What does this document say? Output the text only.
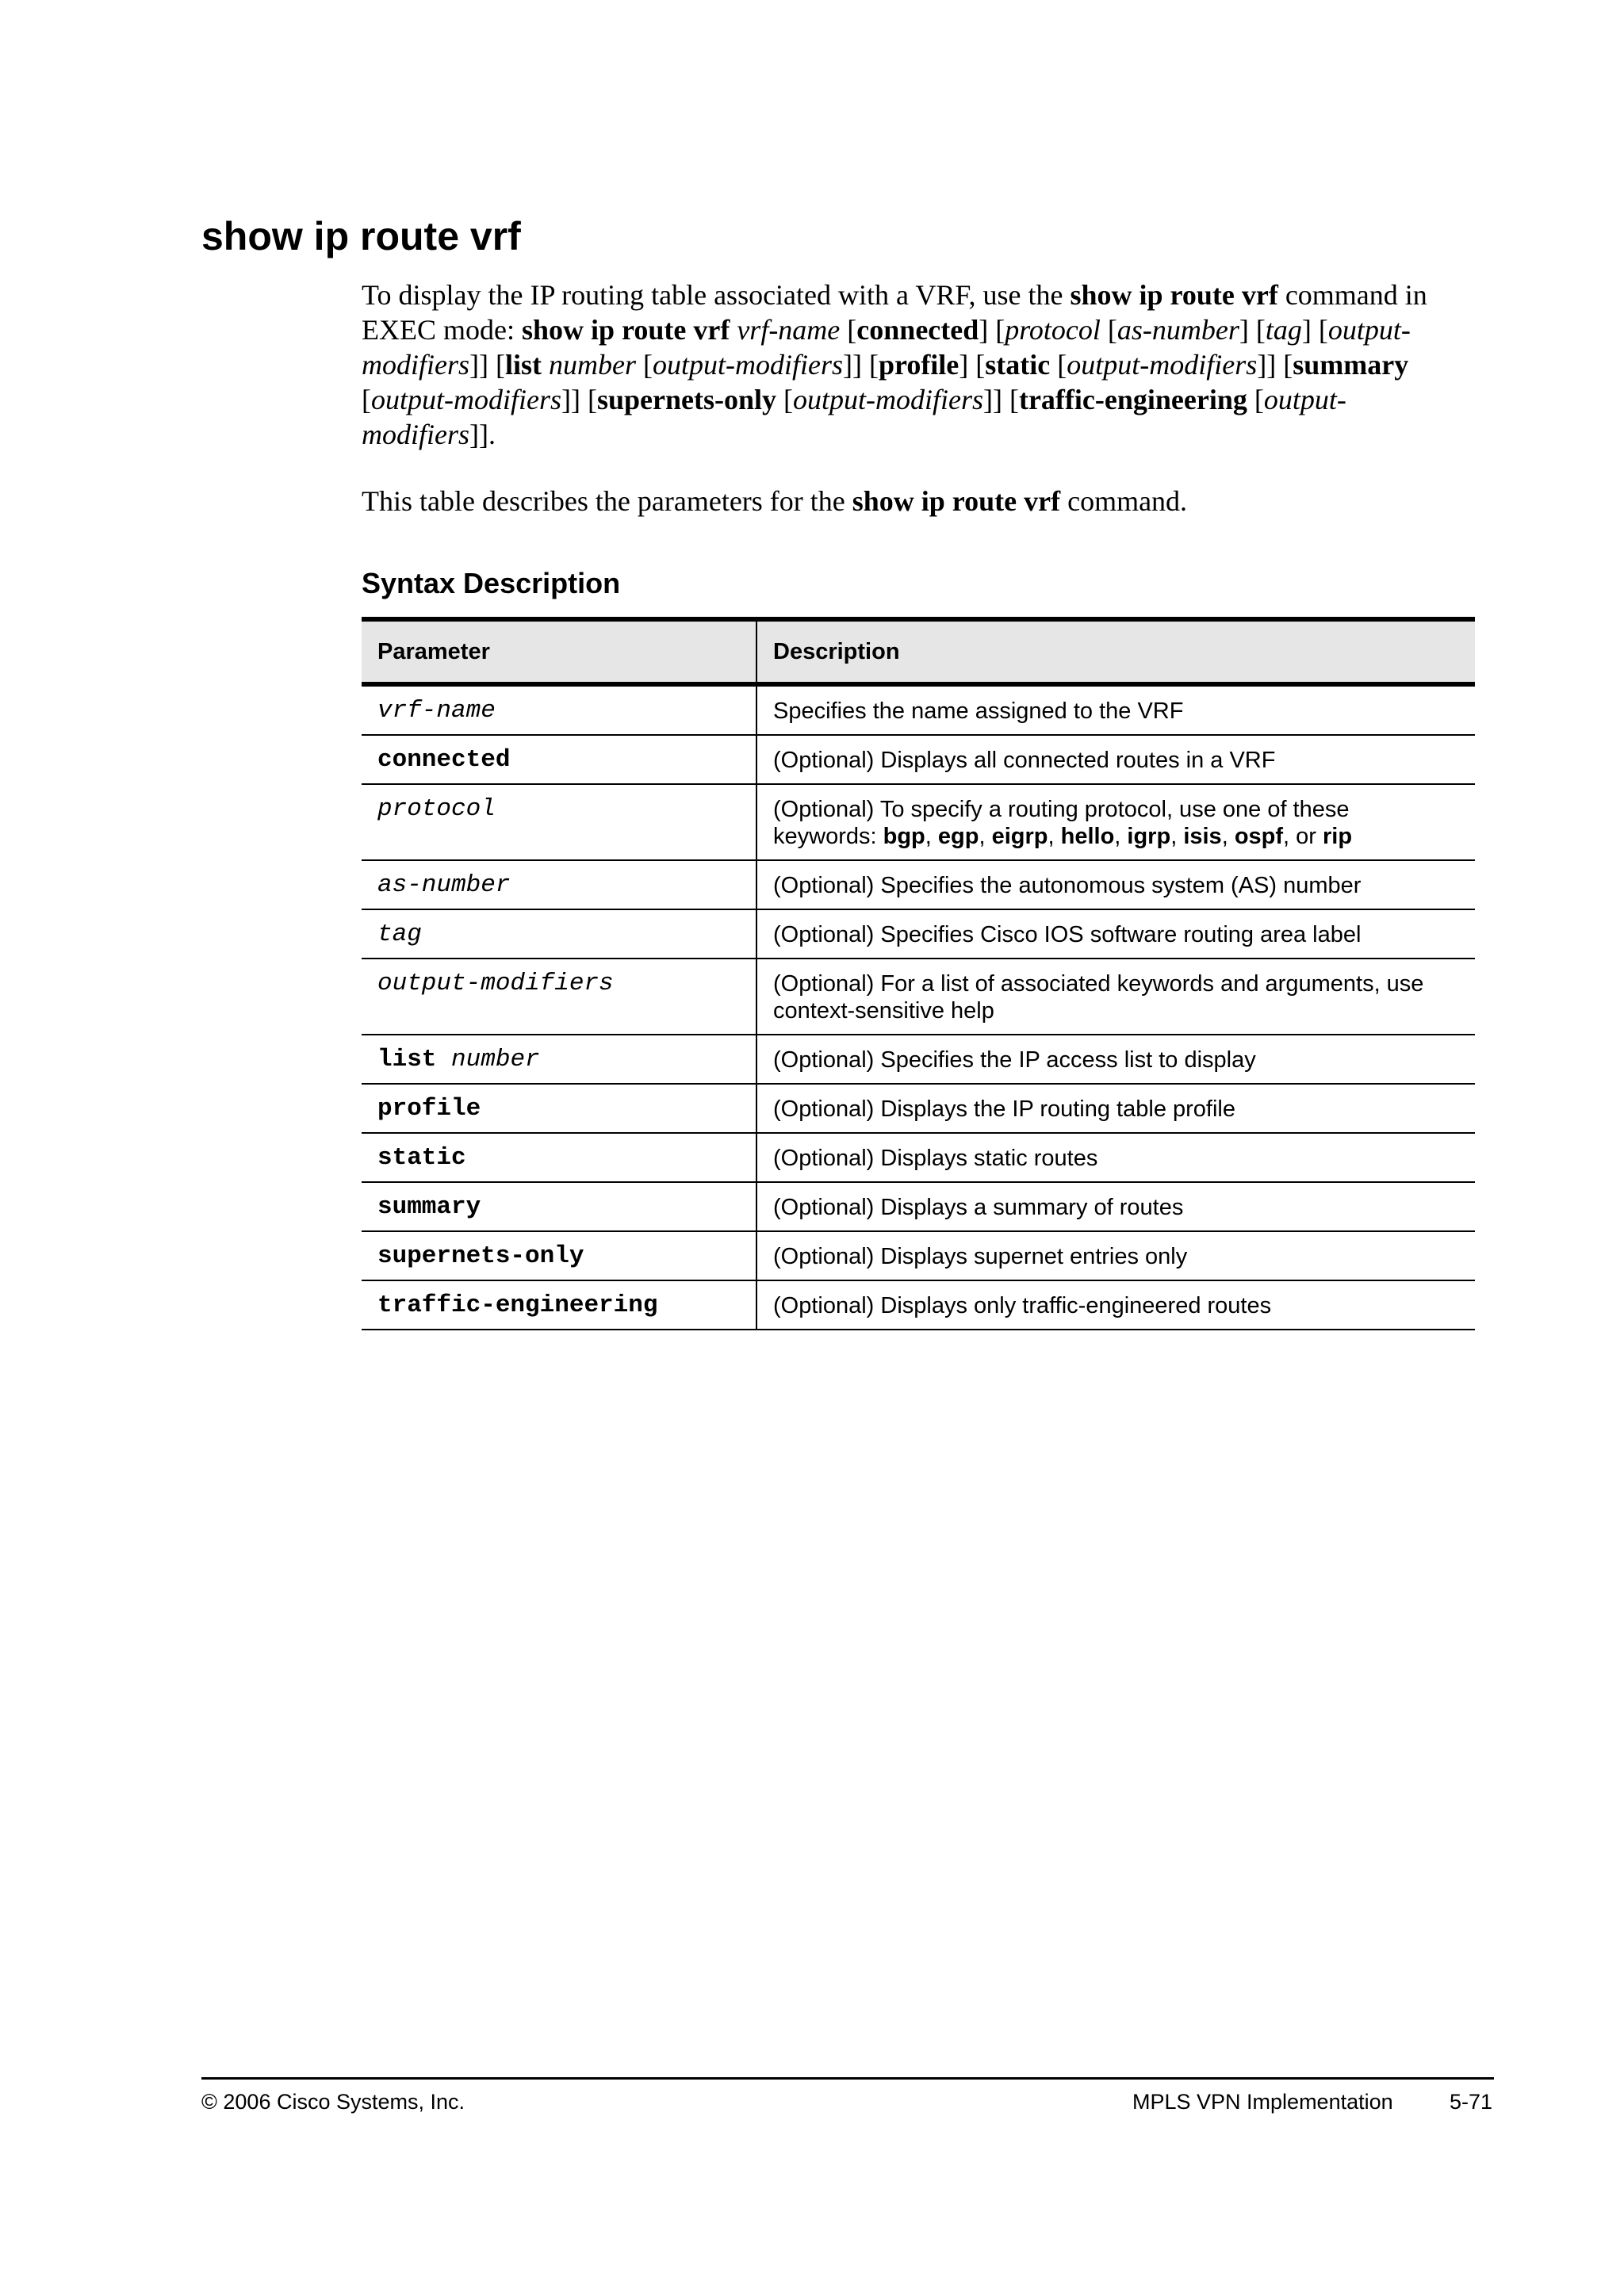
show ip route vrf

To display the IP routing table associated with a VRF, use the show ip route vrf command in EXEC mode: show ip route vrf vrf-name [connected] [protocol [as-number] [tag] [output-modifiers]] [list number [output-modifiers]] [profile] [static [output-modifiers]] [summary [output-modifiers]] [supernets-only [output-modifiers]] [traffic-engineering [output-modifiers]].

This table describes the parameters for the show ip route vrf command.

Syntax Description
Parameter	Description
vrf-name	Specifies the name assigned to the VRF
connected	(Optional) Displays all connected routes in a VRF
protocol	(Optional) To specify a routing protocol, use one of these keywords: bgp, egp, eigrp, hello, igrp, isis, ospf, or rip
as-number	(Optional) Specifies the autonomous system (AS) number
tag	(Optional) Specifies Cisco IOS software routing area label
output-modifiers	(Optional) For a list of associated keywords and arguments, use context-sensitive help
list number	(Optional) Specifies the IP access list to display
profile	(Optional) Displays the IP routing table profile
static	(Optional) Displays static routes
summary	(Optional) Displays a summary of routes
supernets-only	(Optional) Displays supernet entries only
traffic-engineering	(Optional) Displays only traffic-engineered routes
© 2006 Cisco Systems, Inc.	MPLS VPN Implementation	5-71
